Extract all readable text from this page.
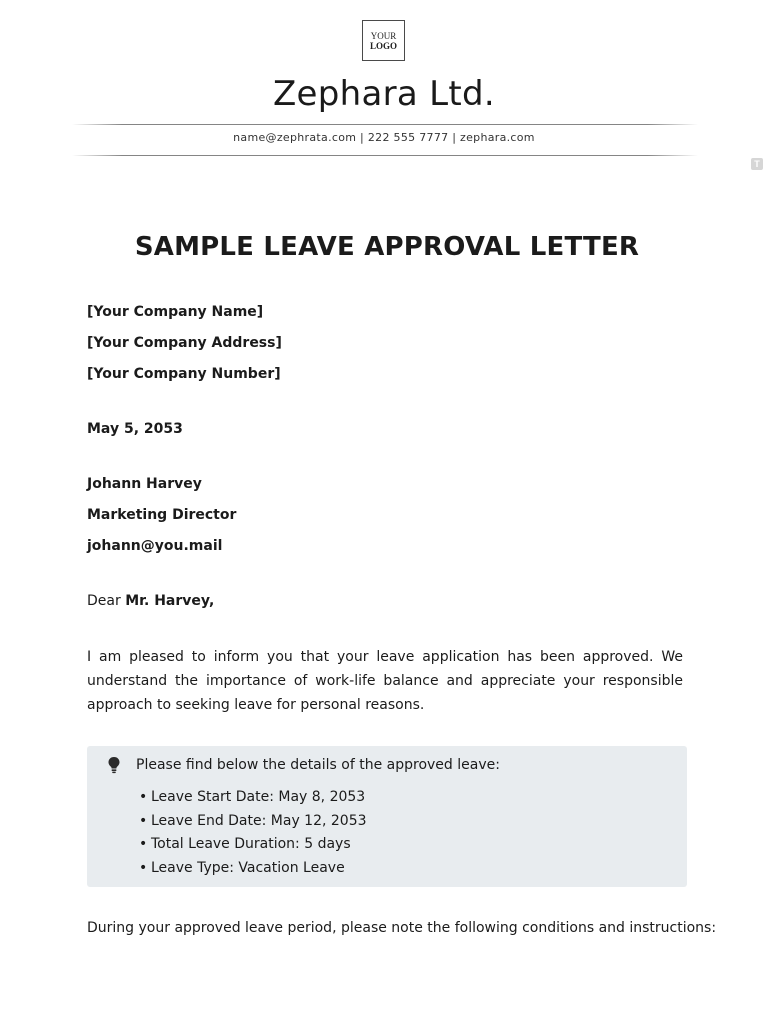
YOUR
LOGO
Zephara Ltd.
name@zephrata.com | 222 555 7777 | zephara.com
T
SAMPLE LEAVE APPROVAL LETTER
[Your Company Name]
[Your Company Address]
[Your Company Number]
May 5, 2053
Johann Harvey
Marketing Director
johann@you.mail
Dear Mr. Harvey,
I am pleased to inform you that your leave application has been approved. We understand the importance of work-life balance and appreciate your responsible approach to seeking leave for personal reasons.
Please find below the details of the approved leave:
• Leave Start Date: May 8, 2053
• Leave End Date: May 12, 2053
• Total Leave Duration: 5 days
• Leave Type: Vacation Leave
During your approved leave period, please note the following conditions and instructions:
